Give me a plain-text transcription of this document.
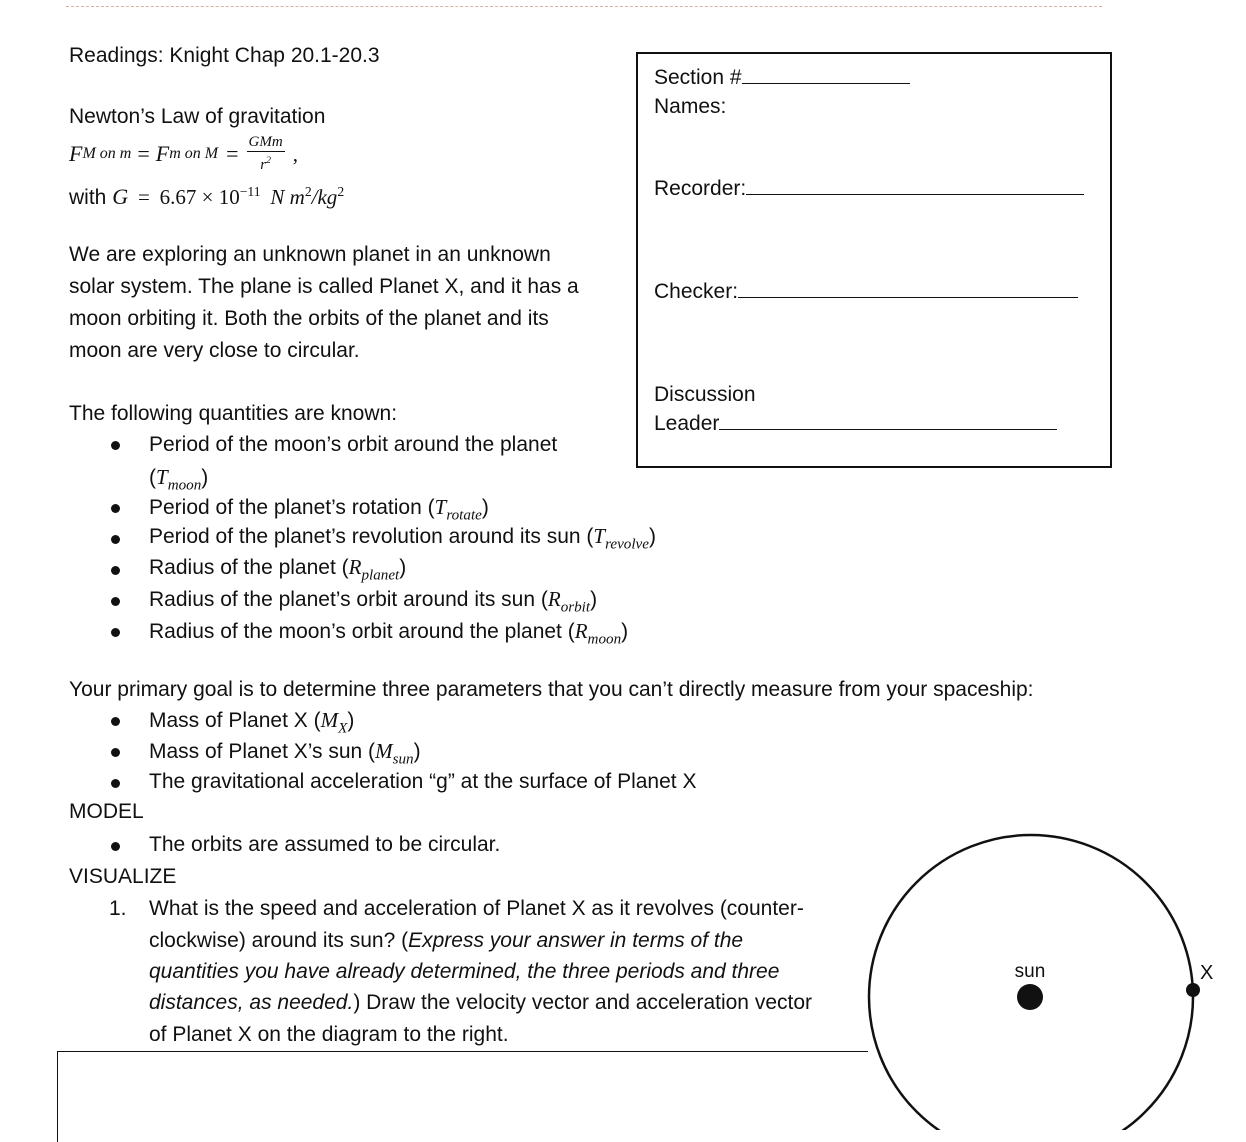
Readings: Knight Chap 20.1-20.3
Newton’s Law of gravitation
F M on m = F m on $M = \frac{\text{GMm}}{r^2}$ ,
with $G = 6.67 \times 10^{-11}$ N $m^2/kg^2$
We are exploring an unknown planet in an unknown
solar system. The plane is called Planet X, and it has a
moon orbiting it. Both the orbits of the planet and its
moon are very close to circular.
The following quantities are known:
Period of the moon’s orbit around the planet
$(T_{moon})$
Period of the planet’s rotation $(T_{rotate})$
Period of the planet’s revolution around its sun $(T_{revolve})$
Radius of the planet $(R_{planet})$
Radius of the planet’s orbit around its sun $(R_{orbit})$
Radius of the moon’s orbit around the planet $(R_{moon})$
Section #
Names:
Recorder:
Checker:
Discussion
Leader
Your primary goal is to determine three parameters that you can’t directly measure from your spaceship:
Mass of Planet X $(M_X)$
Mass of Planet X’s sun $(M_{sun})$
The gravitational acceleration “g” at the surface of Planet X
MODEL
The orbits are assumed to be circular.
VISUALIZE
1. What is the speed and acceleration of Planet X as it revolves (counter-
clockwise) around its sun? (Express your answer in terms of the
quantities you have already determined, the three periods and three
distances, as needed.) Draw the velocity vector and acceleration vector
of Planet X on the diagram to the right.
sun	X
